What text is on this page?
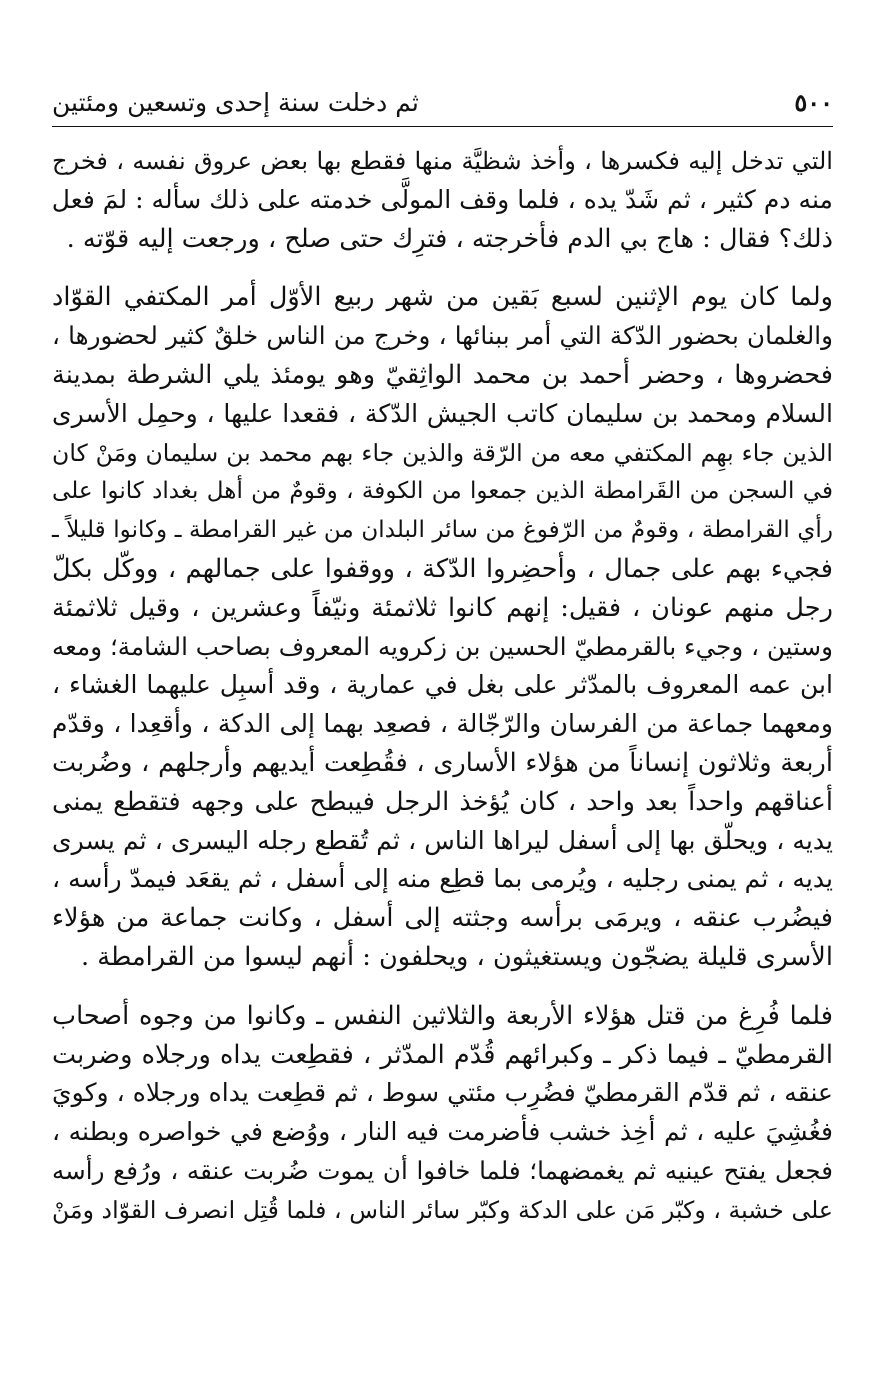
٥٠٠
ثم دخلت سنة إحدى وتسعين ومئتين
التي تدخل إليه فكسرها ، وأخذ شظيَّة منها فقطع بها بعض عروق نفسه ، فخرج
منه دم كثير ، ثم شَدّ يده ، فلما وقف المولَّى خدمته على ذلك سأله : لمَ فعل
ذلك؟ فقال : هاج بي الدم فأخرجته ، فترِك حتى صلح ، ورجعت إليه قوّته .
ولما كان يوم الإثنين لسبع بَقين من شهر ربيع الأوّل أمر المكتفي القوّاد
والغلمان بحضور الدّكة التي أمر ببنائها ، وخرج من الناس خلقٌ كثير لحضورها ،
فحضروها ، وحضر أحمد بن محمد الواثِقيّ وهو يومئذ يلي الشرطة بمدينة
السلام ومحمد بن سليمان كاتب الجيش الدّكة ، فقعدا عليها ، وحمِل الأسرى
الذين جاء بهِم المكتفي معه من الرّقة والذين جاء بهم محمد بن سليمان ومَنْ كان
في السجن من القَرامطة الذين جمعوا من الكوفة ، وقومٌ من أهل بغداد كانوا على
رأي القرامطة ، وقومٌ من الرّفوغ من سائر البلدان من غير القرامطة ـ وكانوا قليلاً ـ
فجيء بهم على جمال ، وأحضِروا الدّكة ، ووقفوا على جمالهم ، ووكّل بكلّ
رجل منهم عونان ، فقيل: إنهم كانوا ثلاثمئة ونيّفاً وعشرين ، وقيل ثلاثمئة
وستين ، وجيء بالقرمطيّ الحسين بن زكرويه المعروف بصاحب الشامة؛ ومعه
ابن عمه المعروف بالمدّثر على بغل في عمارية ، وقد أسبِل عليهما الغشاء ،
ومعهما جماعة من الفرسان والرّجّالة ، فصعِد بهما إلى الدكة ، وأقعِدا ، وقدّم
أربعة وثلاثون إنساناً من هؤلاء الأسارى ، فقُطِعت أيديهم وأرجلهم ، وضُربت
أعناقهم واحداً بعد واحد ، كان يُؤخذ الرجل فيبطح على وجهه فتقطع يمنى
يديه ، ويحلّق بها إلى أسفل ليراها الناس ، ثم تُقطع رجله اليسرى ، ثم يسرى
يديه ، ثم يمنى رجليه ، ويُرمى بما قطِع منه إلى أسفل ، ثم يقعَد فيمدّ رأسه ،
فيضُرب عنقه ، ويرمَى برأسه وجثته إلى أسفل ، وكانت جماعة من هؤلاء
الأسرى قليلة يضجّون ويستغيثون ، ويحلفون : أنهم ليسوا من القرامطة .
فلما فُرِغ من قتل هؤلاء الأربعة والثلاثين النفس ـ وكانوا من وجوه أصحاب
القرمطيّ ـ فيما ذكر ـ وكبرائهم قُدّم المدّثر ، فقطِعت يداه ورجلاه وضربت
عنقه ، ثم قدّم القرمطيّ فضُرِب مئتي سوط ، ثم قطِعت يداه ورجلاه ، وكويَ
فغُشِيَ عليه ، ثم أخِذ خشب فأضرمت فيه النار ، ووُضع في خواصره وبطنه ،
فجعل يفتح عينيه ثم يغمضهما؛ فلما خافوا أن يموت ضُربت عنقه ، ورُفع رأسه
على خشبة ، وكبّر مَن على الدكة وكبّر سائر الناس ، فلما قُتِل انصرف القوّاد ومَنْ
